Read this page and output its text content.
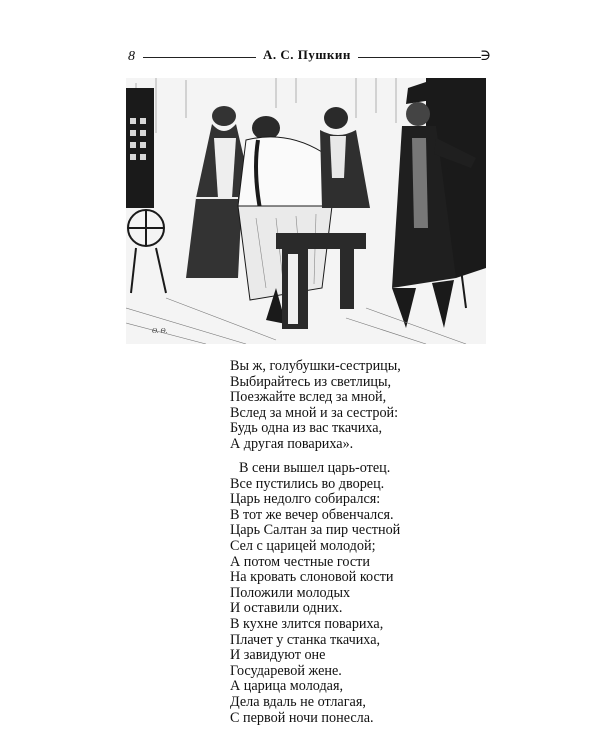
8	А. С. Пушкин	∋
Ѳ. Ѳ.
Вы ж, голубушки-сестрицы,
Выбирайтесь из светлицы,
Поезжайте вслед за мной,
Вслед за мной и за сестрой:
Будь одна из вас ткачиха,
А другая повариха».
В сени вышел царь-отец.
Все пустились во дворец.
Царь недолго собирался:
В тот же вечер обвенчался.
Царь Салтан за пир честной
Сел с царицей молодой;
А потом честные гости
На кровать слоновой кости
Положили молодых
И оставили одних.
В кухне злится повариха,
Плачет у станка ткачиха,
И завидуют оне
Государевой жене.
А царица молодая,
Дела вдаль не отлагая,
С первой ночи понесла.
